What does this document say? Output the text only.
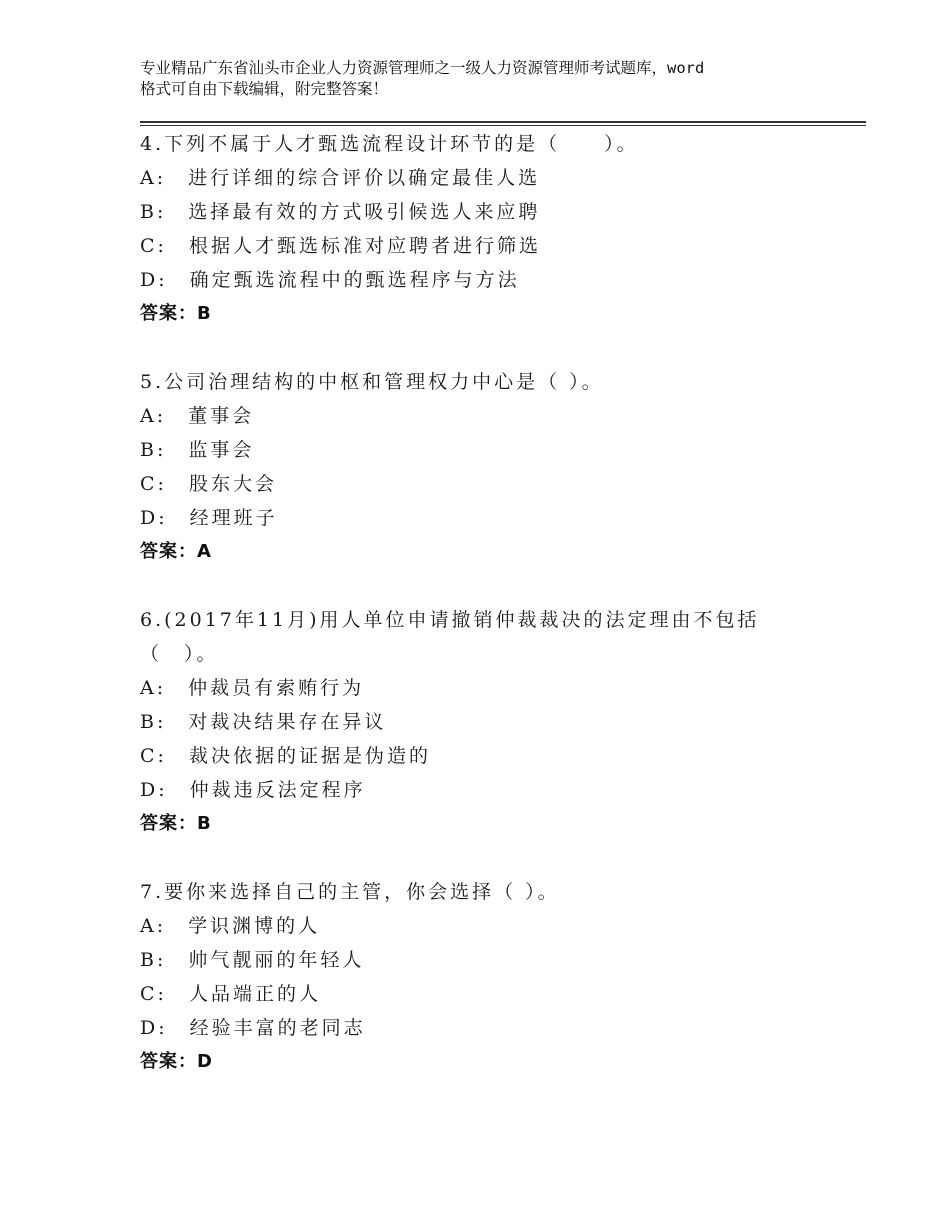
专业精品广东省汕头市企业人力资源管理师之一级人力资源管理师考试题库，word
格式可自由下载编辑，附完整答案！
4.下列不属于人才甄选流程设计环节的是（　　）。
A:　进行详细的综合评价以确定最佳人选
B:　选择最有效的方式吸引候选人来应聘
C:　根据人才甄选标准对应聘者进行筛选
D:　确定甄选流程中的甄选程序与方法
答案：B
5.公司治理结构的中枢和管理权力中心是（ ）。
A:　董事会
B:　监事会
C:　股东大会
D:　经理班子
答案：A
6.(2017年11月)用人单位申请撤销仲裁裁决的法定理由不包括
（　）。
A:　仲裁员有索贿行为
B:　对裁决结果存在异议
C:　裁决依据的证据是伪造的
D:　仲裁违反法定程序
答案：B
7.要你来选择自己的主管，你会选择（ ）。
A:　学识渊博的人
B:　帅气靓丽的年轻人
C:　人品端正的人
D:　经验丰富的老同志
答案：D
